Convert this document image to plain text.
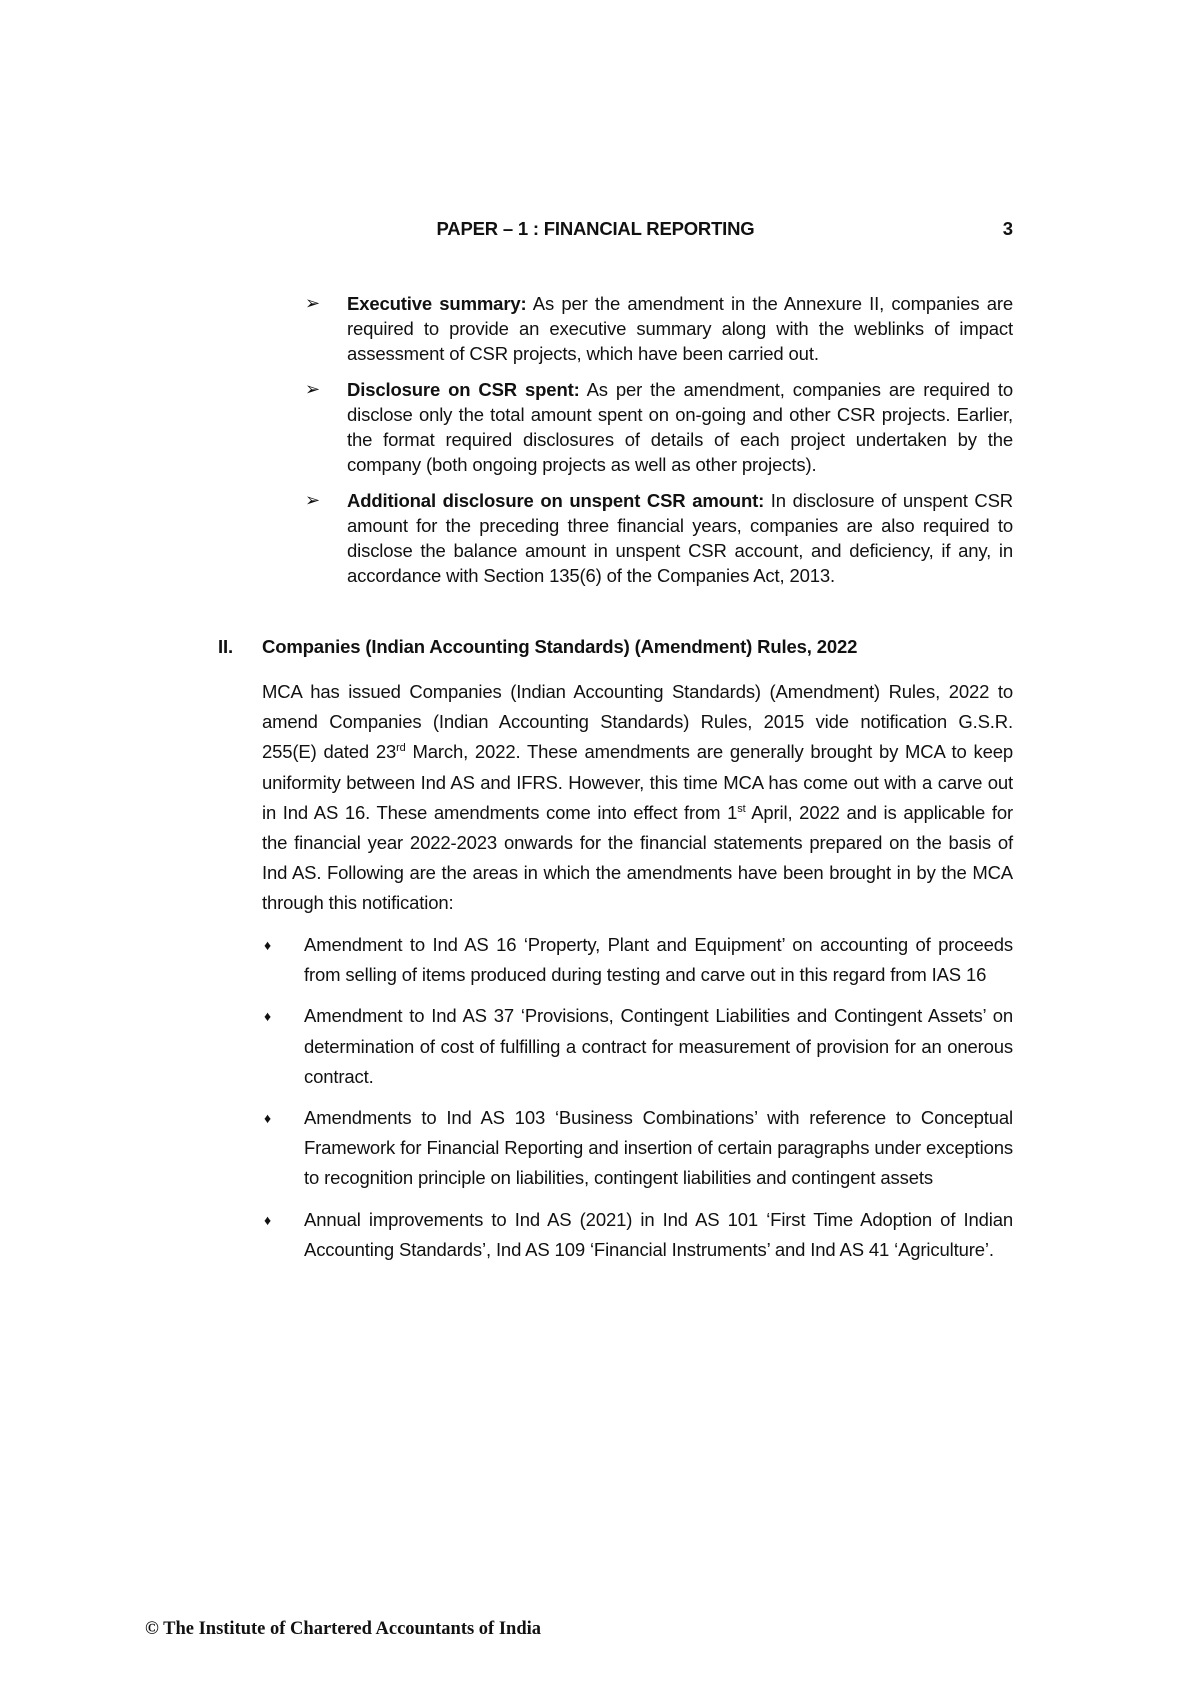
PAPER – 1 : FINANCIAL REPORTING	3
➢ Executive summary: As per the amendment in the Annexure II, companies are required to provide an executive summary along with the weblinks of impact assessment of CSR projects, which have been carried out.
➢ Disclosure on CSR spent: As per the amendment, companies are required to disclose only the total amount spent on on-going and other CSR projects. Earlier, the format required disclosures of details of each project undertaken by the company (both ongoing projects as well as other projects).
➢ Additional disclosure on unspent CSR amount: In disclosure of unspent CSR amount for the preceding three financial years, companies are also required to disclose the balance amount in unspent CSR account, and deficiency, if any, in accordance with Section 135(6) of the Companies Act, 2013.
II. Companies (Indian Accounting Standards) (Amendment) Rules, 2022

MCA has issued Companies (Indian Accounting Standards) (Amendment) Rules, 2022 to amend Companies (Indian Accounting Standards) Rules, 2015 vide notification G.S.R. 255(E) dated 23rd March, 2022. These amendments are generally brought by MCA to keep uniformity between Ind AS and IFRS. However, this time MCA has come out with a carve out in Ind AS 16. These amendments come into effect from 1st April, 2022 and is applicable for the financial year 2022-2023 onwards for the financial statements prepared on the basis of Ind AS. Following are the areas in which the amendments have been brought in by the MCA through this notification:

♦ Amendment to Ind AS 16 ‘Property, Plant and Equipment’ on accounting of proceeds from selling of items produced during testing and carve out in this regard from IAS 16
♦ Amendment to Ind AS 37 ‘Provisions, Contingent Liabilities and Contingent Assets’ on determination of cost of fulfilling a contract for measurement of provision for an onerous contract.
♦ Amendments to Ind AS 103 ‘Business Combinations’ with reference to Conceptual Framework for Financial Reporting and insertion of certain paragraphs under exceptions to recognition principle on liabilities, contingent liabilities and contingent assets
♦ Annual improvements to Ind AS (2021) in Ind AS 101 ‘First Time Adoption of Indian Accounting Standards’, Ind AS 109 ‘Financial Instruments’ and Ind AS 41 ‘Agriculture’.
© The Institute of Chartered Accountants of India
